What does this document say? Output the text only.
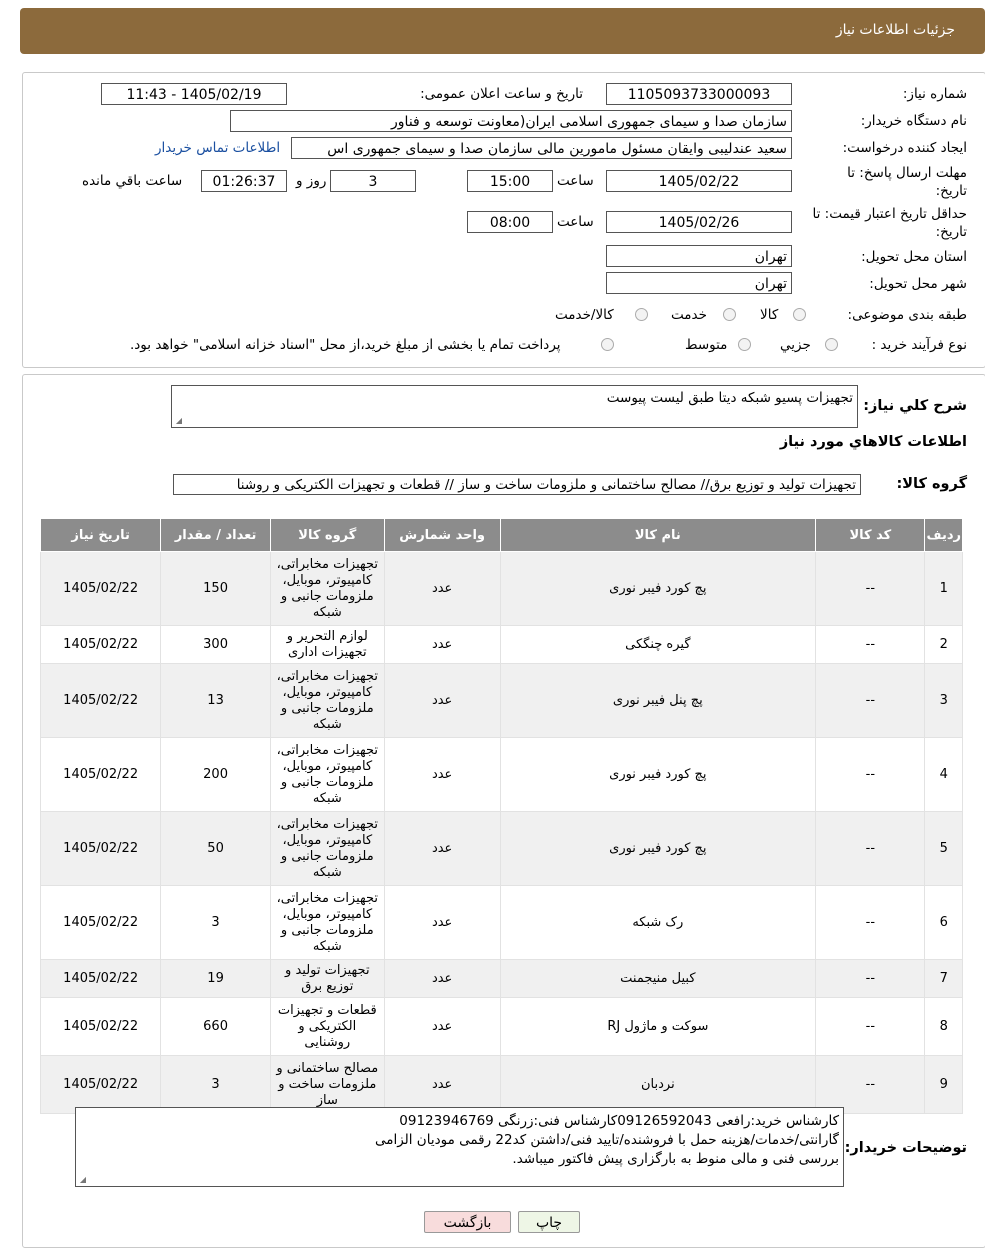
جزئیات اطلاعات نیاز
شماره نیاز:
1105093733000093
تاریخ و ساعت اعلان عمومی:
1405/02/19 - 11:43
نام دستگاه خریدار:
سازمان صدا و سیمای جمهوری اسلامی ایران(معاونت توسعه و فناور
ایجاد کننده درخواست:
سعید عندلیبی وایقان مسئول مامورین مالی سازمان صدا و سیمای جمهوری اس
اطلاعات تماس خریدار
مهلت ارسال پاسخ: تا
تاریخ:
1405/02/22
ساعت
15:00
3
روز و
01:26:37
ساعت باقي مانده
حداقل تاریخ اعتبار قیمت: تا
تاریخ:
1405/02/26
ساعت
08:00
استان محل تحویل:
تهران
شهر محل تحویل:
تهران
طبقه بندی موضوعی:
کالا
خدمت
کالا/خدمت
نوع فرآیند خرید :
جزیي
متوسط
پرداخت تمام یا بخشی از مبلغ خرید،از محل "اسناد خزانه اسلامی" خواهد بود.
شرح کلي نیاز:
تجهیزات پسیو شبکه دیتا طبق لیست پیوست
◢
اطلاعات کالاهاي مورد نیاز
گروه کالا:
تجهیزات تولید و توزیع برق// مصالح ساختمانی و ملزومات ساخت و ساز // قطعات و تجهیزات الکتریکی و روشنا
ردیف	کد کالا	نام کالا	واحد شمارش	گروه کالا	تعداد / مقدار	تاریخ نیاز
1	--	پچ کورد فیبر نوری	عدد	تجهیزات مخابراتی، کامپیوتر، موبایل، ملزومات جانبی و شبکه	150	1405/02/22
2	--	گیره چنگکی	عدد	لوازم التحریر و تجهیزات اداری	300	1405/02/22
3	--	پچ پنل فیبر نوری	عدد	تجهیزات مخابراتی، کامپیوتر، موبایل، ملزومات جانبی و شبکه	13	1405/02/22
4	--	پچ کورد فیبر نوری	عدد	تجهیزات مخابراتی، کامپیوتر، موبایل، ملزومات جانبی و شبکه	200	1405/02/22
5	--	پچ کورد فیبر نوری	عدد	تجهیزات مخابراتی، کامپیوتر، موبایل، ملزومات جانبی و شبکه	50	1405/02/22
6	--	رک شبکه	عدد	تجهیزات مخابراتی، کامپیوتر، موبایل، ملزومات جانبی و شبکه	3	1405/02/22
7	--	کبیل منیجمنت	عدد	تجهیزات تولید و توزیع برق	19	1405/02/22
8	--	سوکت و ماژول RJ	عدد	قطعات و تجهیزات الکتریکی و روشنایی	660	1405/02/22
9	--	نردبان	عدد	مصالح ساختمانی و ملزومات ساخت و ساز	3	1405/02/22
توضیحات خریدار:
کارشناس خرید:رافعی 09126592043کارشناس فنی:زرنگی 09123946769
گارانتی/خدمات/هزینه حمل با فروشنده/تایید فنی/داشتن کد22 رقمی مودیان الزامی
بررسی فنی و مالی منوط به بارگزاری پیش فاکتور میباشد.
◢
چاپ
بازگشت
